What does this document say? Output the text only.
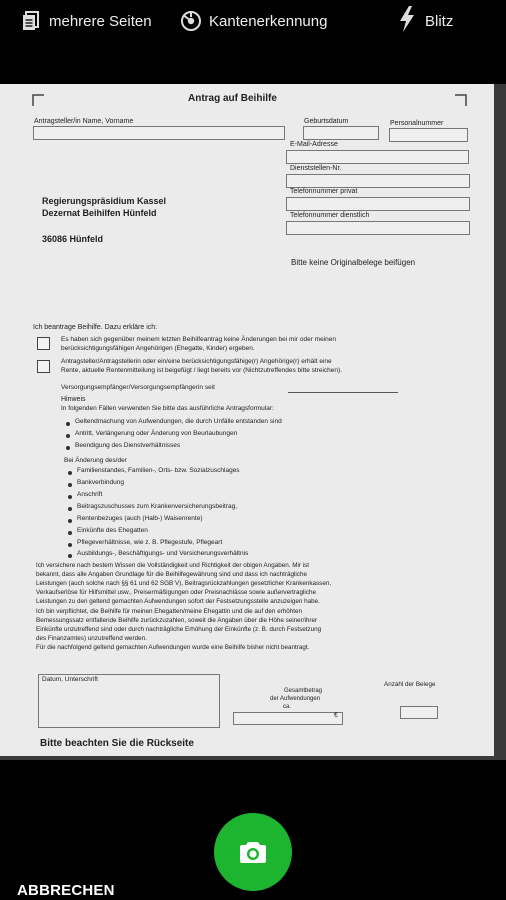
mehrere Seiten	Kantenerkennung	Blitz
Antrag auf Beihilfe
Antragsteller/in Name, Vorname	Geburtsdatum	Personalnummer
E-Mail-Adresse
Dienststellen-Nr.
Telefonnummer privat
Telefonnummer dienstlich
Regierungspräsidium Kassel
Dezernat Beihilfen Hünfeld
36086 Hünfeld
Bitte keine Originalbelege beifügen
Ich beantrage Beihilfe. Dazu erkläre ich:
Es haben sich gegenüber meinem letzten Beihilfeantrag keine Änderungen bei mir oder meinen
berücksichtigungsfähigen Angehörigen (Ehegatte, Kinder) ergeben.
Antragsteller/Antragstellerin oder ein/eine berücksichtigungsfähige(r) Angehörige(r) erhält eine
Rente, aktuelle Rentenmitteilung ist beigefügt / liegt bereits vor (Nichtzutreffendes bitte streichen).
Versorgungsempfänger/Versorgungsempfängerin seit
Hinweis
In folgenden Fällen verwenden Sie bitte das ausführliche Antragsformular:
Geltendmachung von Aufwendungen, die durch Unfälle entstanden sind
Antritt, Verlängerung oder Änderung von Beurlaubungen
Beendigung des Dienstverhältnisses
Bei Änderung des/der
Familienstandes, Familien-, Orts- bzw. Sozialzuschlages
Bankverbindung
Anschrift
Beitragszuschusses zum Krankenversicherungsbeitrag,
Rentenbezuges (auch (Halb-) Waisenrente)
Einkünfte des Ehegatten
Pflegeverhältnisse, wie z. B. Pflegestufe, Pflegeart
Ausbildungs-, Beschäftigungs- und Versicherungsverhältnis
Ich versichere nach bestem Wissen die Vollständigkeit und Richtigkeit der obigen Angaben. Mir ist
bekannt, dass alle Angaben Grundlage für die Beihilfegewährung sind und dass ich nachträgliche
Leistungen (auch solche nach §§ 61 und 62 SGB V), Beitragsrückzahlungen gesetzlicher Krankenkassen,
Verkaufserlöse für Hilfsmittel usw., Preisermäßigungen oder Preisnachlässe sowie außervertragliche
Leistungen zu den geltend gemachten Aufwendungen sofort der Festsetzungsstelle anzuzeigen habe.
Ich bin verpflichtet, die Beihilfe für meinen Ehegatten/meine Ehegattin und die auf den erhöhten
Bemessungssatz entfallende Beihilfe zurückzuzahlen, soweit die Angaben über die Höhe seiner/ihrer
Einkünfte unzutreffend sind oder durch nachträgliche Erhöhung der Einkünfte (z. B. durch Festsetzung
des Finanzamtes) unzutreffend werden.
Für die nachfolgend geltend gemachten Aufwendungen wurde eine Beihilfe bisher nicht beantragt.
Datum, Unterschrift
Gesamtbetrag
der Aufwendungen
ca.
€
Anzahl der Belege
Bitte beachten Sie die Rückseite
ABBRECHEN
